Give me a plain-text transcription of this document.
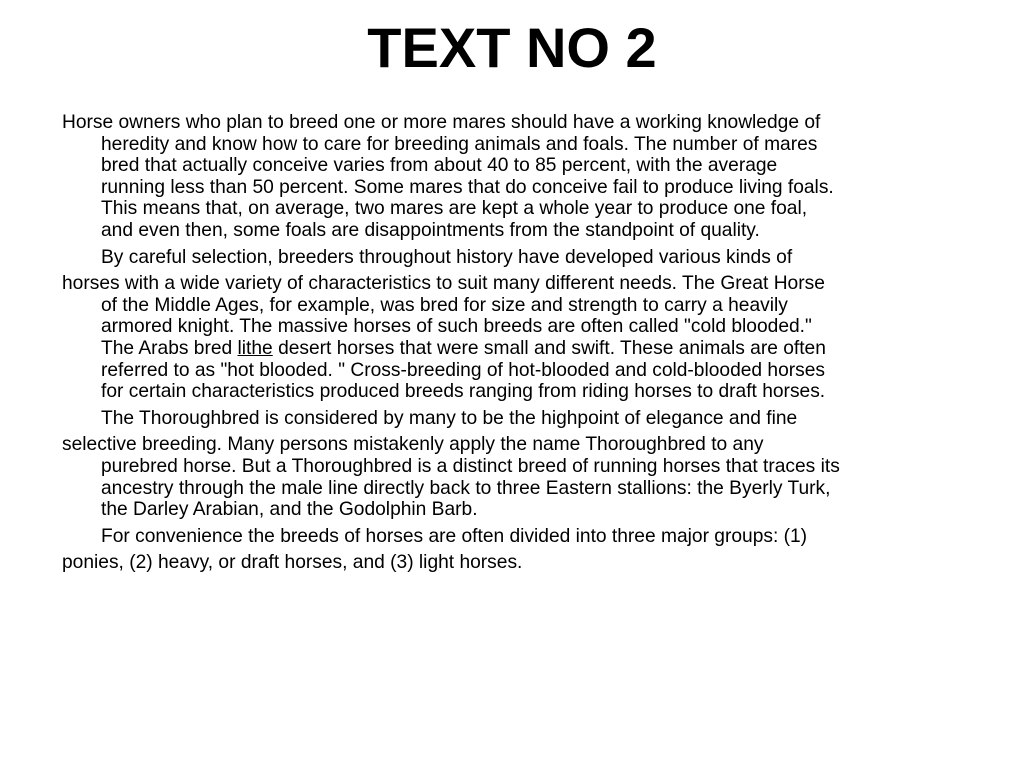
TEXT NO 2
Horse owners who plan to breed one or more mares should have a working knowledge of
heredity and know how to care for breeding animals and foals. The number of mares
bred that actually conceive varies from about 40 to 85 percent, with the average
running less than 50 percent. Some mares that do conceive fail to produce living foals.
This means that, on average, two mares are kept a whole year to produce one foal,
and even then, some foals are disappointments from the standpoint of quality.
By careful selection, breeders throughout history have developed various kinds of
horses with a wide variety of characteristics to suit many different needs. The Great Horse
of the Middle Ages, for example, was bred for size and strength to carry a heavily
armored knight. The massive horses of such breeds are often called "cold blooded."
The Arabs bred lithe desert horses that were small and swift. These animals are often
referred to as "hot blooded. " Cross-breeding of hot-blooded and cold-blooded horses
for certain characteristics produced breeds ranging from riding horses to draft horses.
The Thoroughbred is considered by many to be the highpoint of elegance and fine
selective breeding. Many persons mistakenly apply the name Thoroughbred to any
purebred horse. But a Thoroughbred is a distinct breed of running horses that traces its
ancestry through the male line directly back to three Eastern stallions: the Byerly Turk,
the Darley Arabian, and the Godolphin Barb.
For convenience the breeds of horses are often divided into three major groups: (1)
ponies, (2) heavy, or draft horses, and (3) light horses.
